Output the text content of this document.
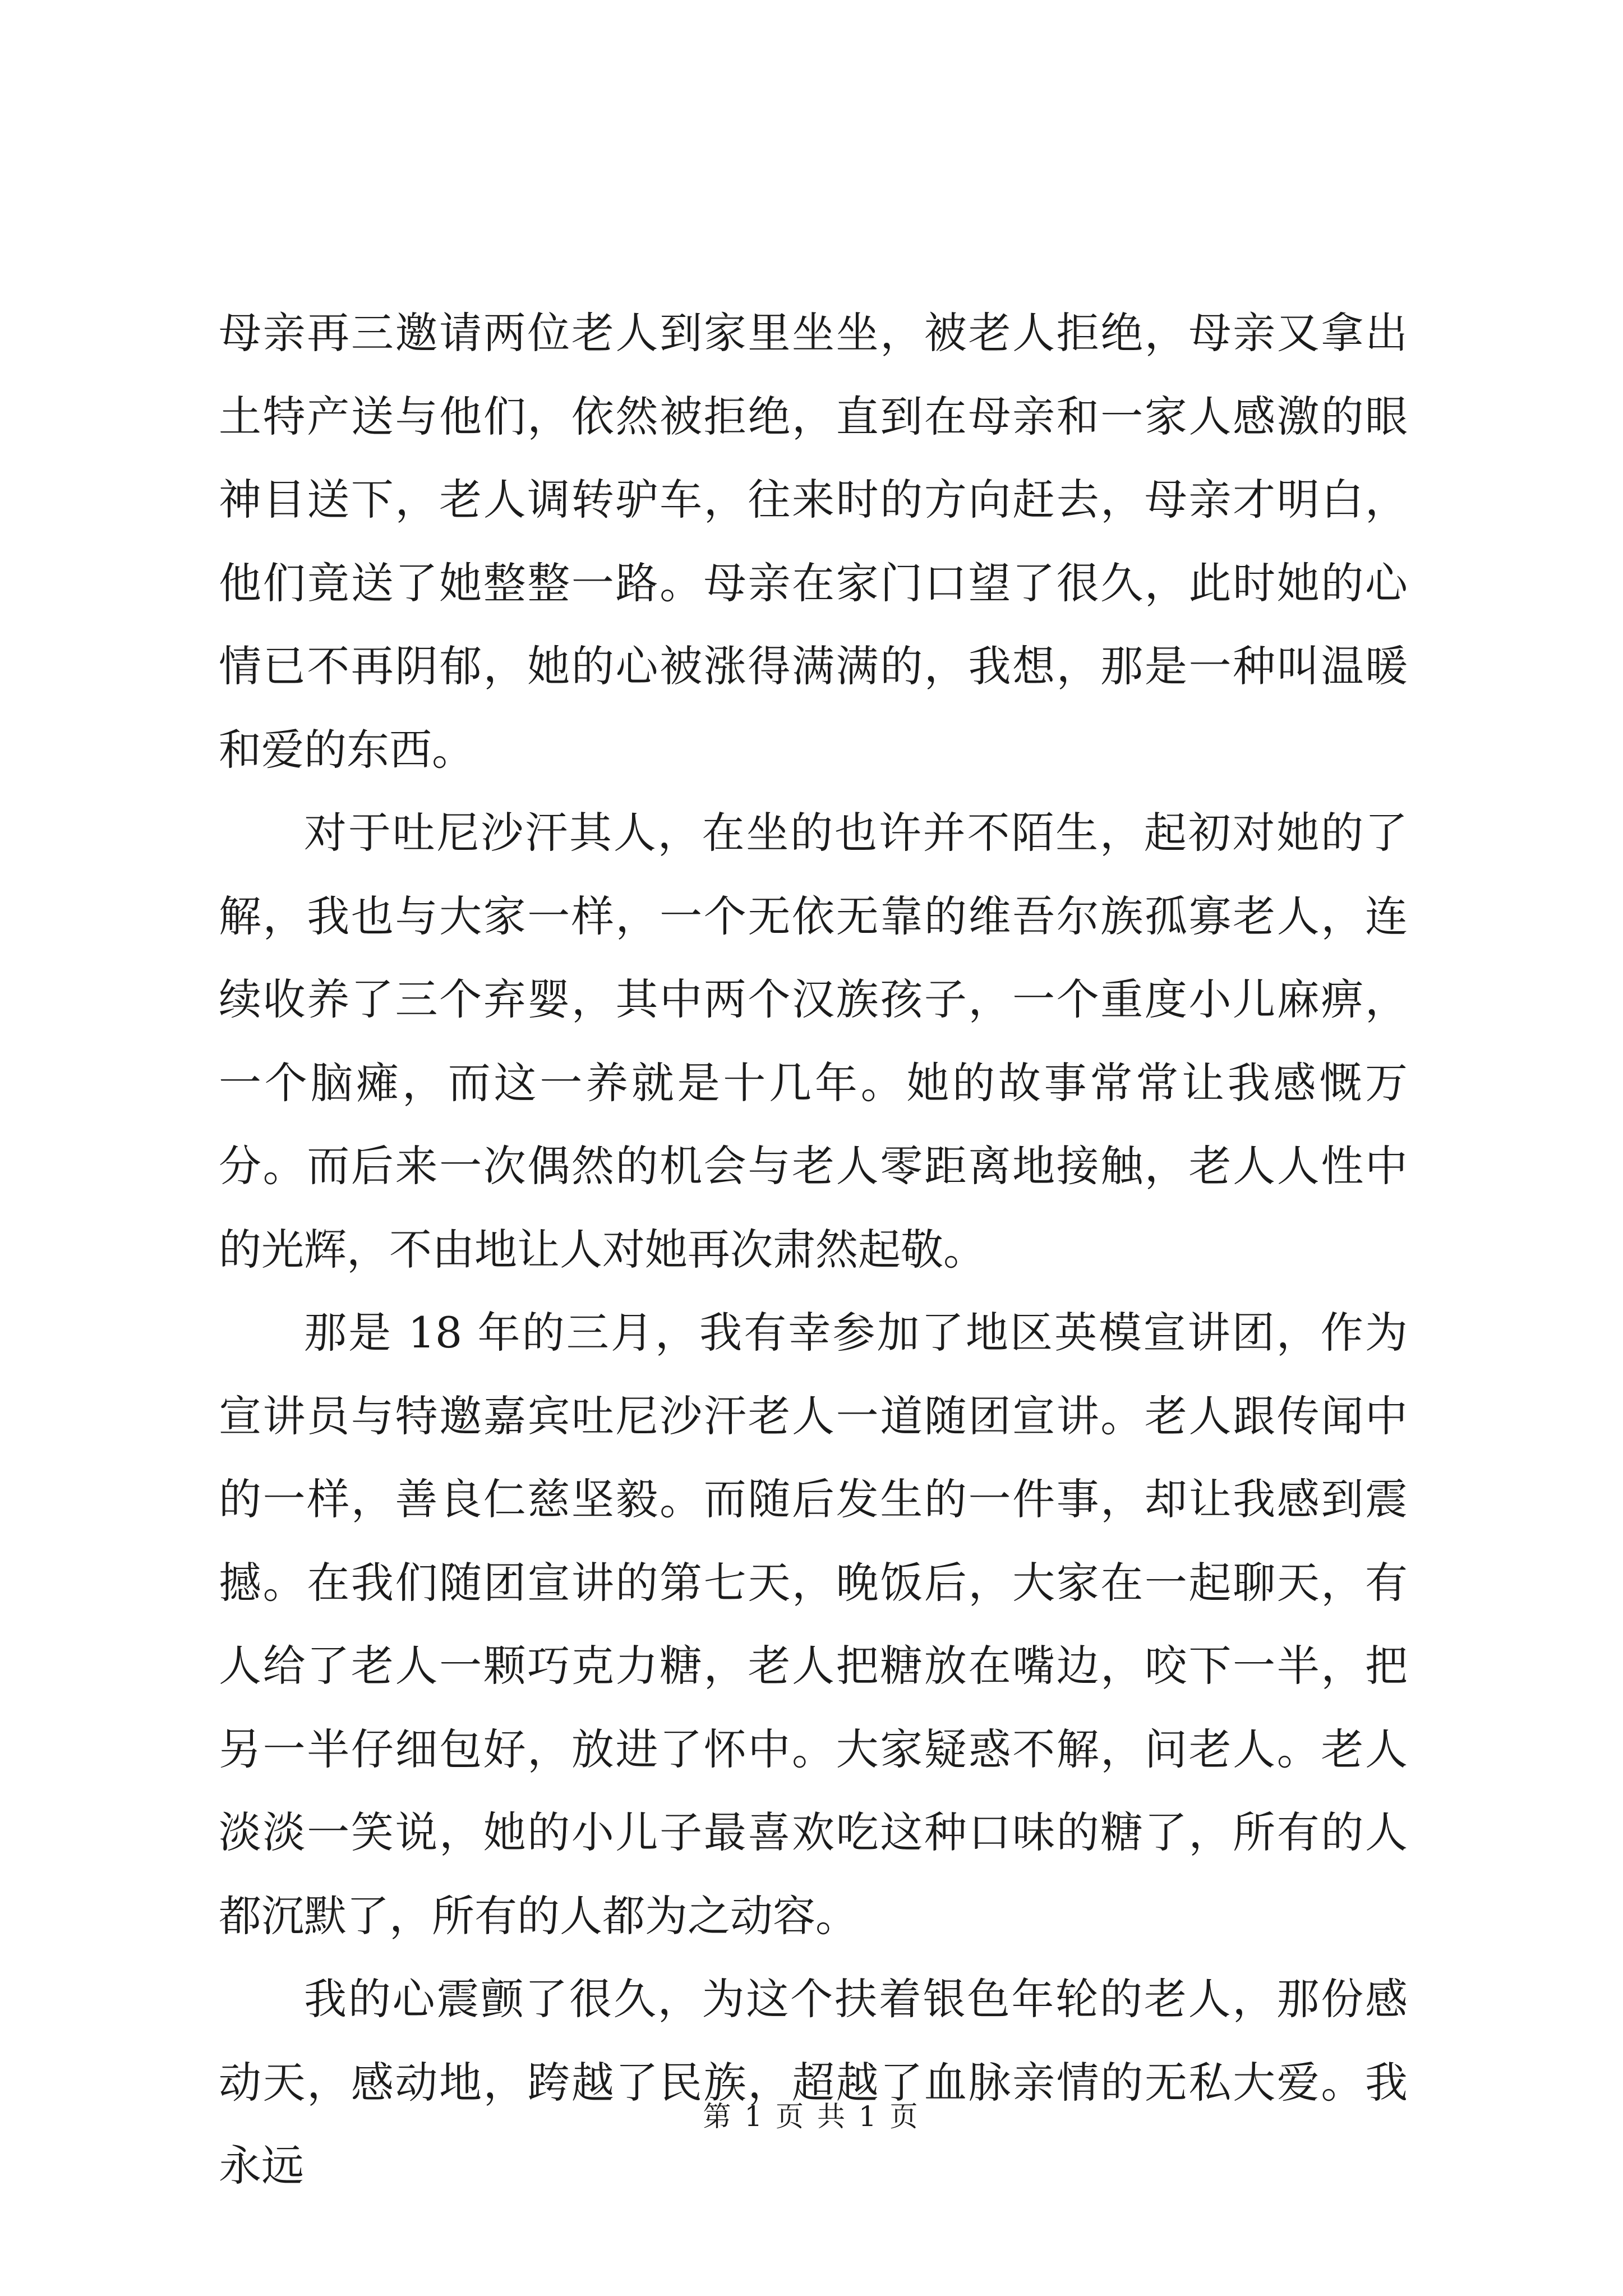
母亲再三邀请两位老人到家里坐坐，被老人拒绝，母亲又拿出土特产送与他们，依然被拒绝，直到在母亲和一家人感激的眼神目送下，老人调转驴车，往来时的方向赶去，母亲才明白，他们竟送了她整整一路。母亲在家门口望了很久，此时她的心情已不再阴郁，她的心被涨得满满的，我想，那是一种叫温暖和爱的东西。

对于吐尼沙汗其人，在坐的也许并不陌生，起初对她的了解，我也与大家一样，一个无依无靠的维吾尔族孤寡老人，连续收养了三个弃婴，其中两个汉族孩子，一个重度小儿麻痹，一个脑瘫，而这一养就是十几年。她的故事常常让我感慨万分。而后来一次偶然的机会与老人零距离地接触，老人人性中的光辉，不由地让人对她再次肃然起敬。

那是 18 年的三月，我有幸参加了地区英模宣讲团，作为宣讲员与特邀嘉宾吐尼沙汗老人一道随团宣讲。老人跟传闻中的一样，善良仁慈坚毅。而随后发生的一件事，却让我感到震撼。在我们随团宣讲的第七天，晚饭后，大家在一起聊天，有人给了老人一颗巧克力糖，老人把糖放在嘴边，咬下一半，把另一半仔细包好，放进了怀中。大家疑惑不解，问老人。老人淡淡一笑说，她的小儿子最喜欢吃这种口味的糖了，所有的人都沉默了，所有的人都为之动容。

我的心震颤了很久，为这个扶着银色年轮的老人，那份感动天，感动地，跨越了民族，超越了血脉亲情的无私大爱。我永远

第 1 页 共 1 页
